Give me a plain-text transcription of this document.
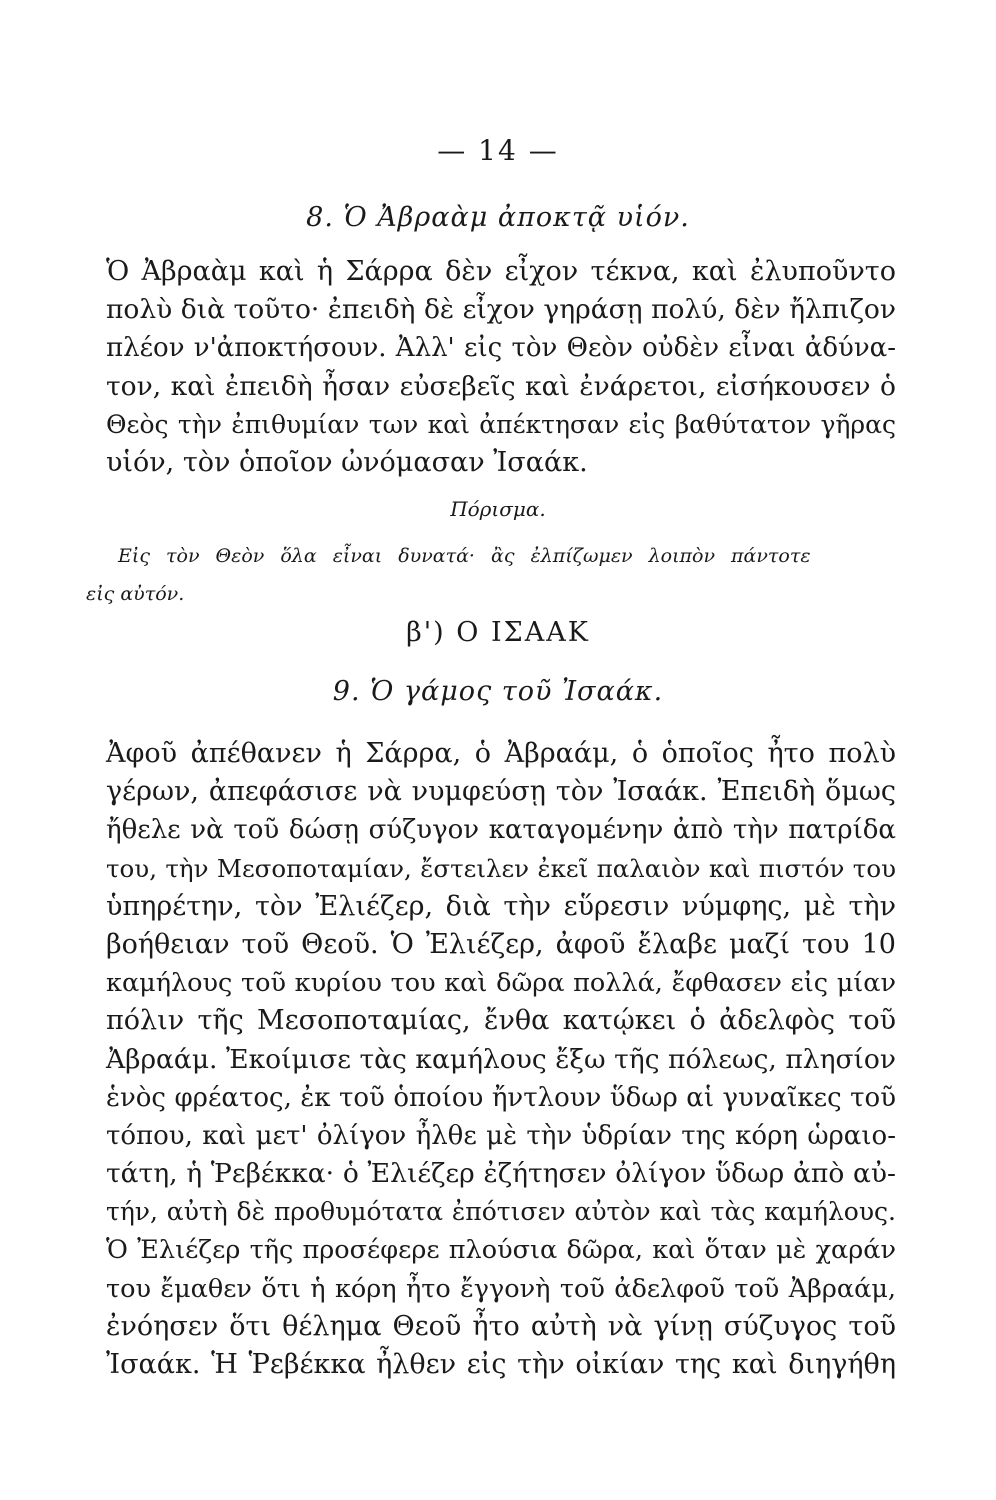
— 14 —
8. Ὁ Ἀβραὰμ ἀποκτᾷ υἱόν.
Ὁ Ἀβραὰμ καὶ ἡ Σάρρα δὲν εἶχον τέκνα, καὶ ἐλυποῦντο
πολὺ διὰ τοῦτο· ἐπειδὴ δὲ εἶχον γηράσῃ πολύ, δὲν ἤλπιζον
πλέον ν'ἀποκτήσουν. Ἀλλ' εἰς τὸν Θεὸν οὐδὲν εἶναι ἀδύνα-
τον, καὶ ἐπειδὴ ἦσαν εὐσεβεῖς καὶ ἐνάρετοι, εἰσήκουσεν ὁ
Θεὸς τὴν ἐπιθυμίαν των καὶ ἀπέκτησαν εἰς βαθύτατον γῆρας
υἱόν, τὸν ὁποῖον ὠνόμασαν Ἰσαάκ.
Πόρισμα.
Εἰς τὸν Θεὸν ὅλα εἶναι δυνατά· ἂς ἐλπίζωμεν λοιπὸν πάντοτε
εἰς αὐτόν.
β') Ο ΙΣΑΑΚ
9. Ὁ γάμος τοῦ Ἰσαάκ.
Ἀφοῦ ἀπέθανεν ἡ Σάρρα, ὁ Ἀβραάμ, ὁ ὁποῖος ἦτο πολὺ
γέρων, ἀπεφάσισε νὰ νυμφεύσῃ τὸν Ἰσαάκ. Ἐπειδὴ ὅμως
ἤθελε νὰ τοῦ δώσῃ σύζυγον καταγομένην ἀπὸ τὴν πατρίδα
του, τὴν Μεσοποταμίαν, ἔστειλεν ἐκεῖ παλαιὸν καὶ πιστόν του
ὑπηρέτην, τὸν Ἐλιέζερ, διὰ τὴν εὕρεσιν νύμφης, μὲ τὴν
βοήθειαν τοῦ Θεοῦ. Ὁ Ἐλιέζερ, ἀφοῦ ἔλαβε μαζί του 10
καμήλους τοῦ κυρίου του καὶ δῶρα πολλά, ἔφθασεν εἰς μίαν
πόλιν τῆς Μεσοποταμίας, ἔνθα κατῴκει ὁ ἀδελφὸς τοῦ
Ἀβραάμ. Ἐκοίμισε τὰς καμήλους ἔξω τῆς πόλεως, πλησίον
ἑνὸς φρέατος, ἐκ τοῦ ὁποίου ἤντλουν ὕδωρ αἱ γυναῖκες τοῦ
τόπου, καὶ μετ' ὀλίγον ἦλθε μὲ τὴν ὑδρίαν της κόρη ὡραιο-
τάτη, ἡ Ῥεβέκκα· ὁ Ἐλιέζερ ἐζήτησεν ὀλίγον ὕδωρ ἀπὸ αὐ-
τήν, αὐτὴ δὲ προθυμότατα ἐπότισεν αὐτὸν καὶ τὰς καμήλους.
Ὁ Ἐλιέζερ τῆς προσέφερε πλούσια δῶρα, καὶ ὅταν μὲ χαράν
του ἔμαθεν ὅτι ἡ κόρη ἦτο ἔγγονὴ τοῦ ἀδελφοῦ τοῦ Ἀβραάμ,
ἐνόησεν ὅτι θέλημα Θεοῦ ἦτο αὐτὴ νὰ γίνῃ σύζυγος τοῦ
Ἰσαάκ. Ἡ Ῥεβέκκα ἦλθεν εἰς τὴν οἰκίαν της καὶ διηγήθη
